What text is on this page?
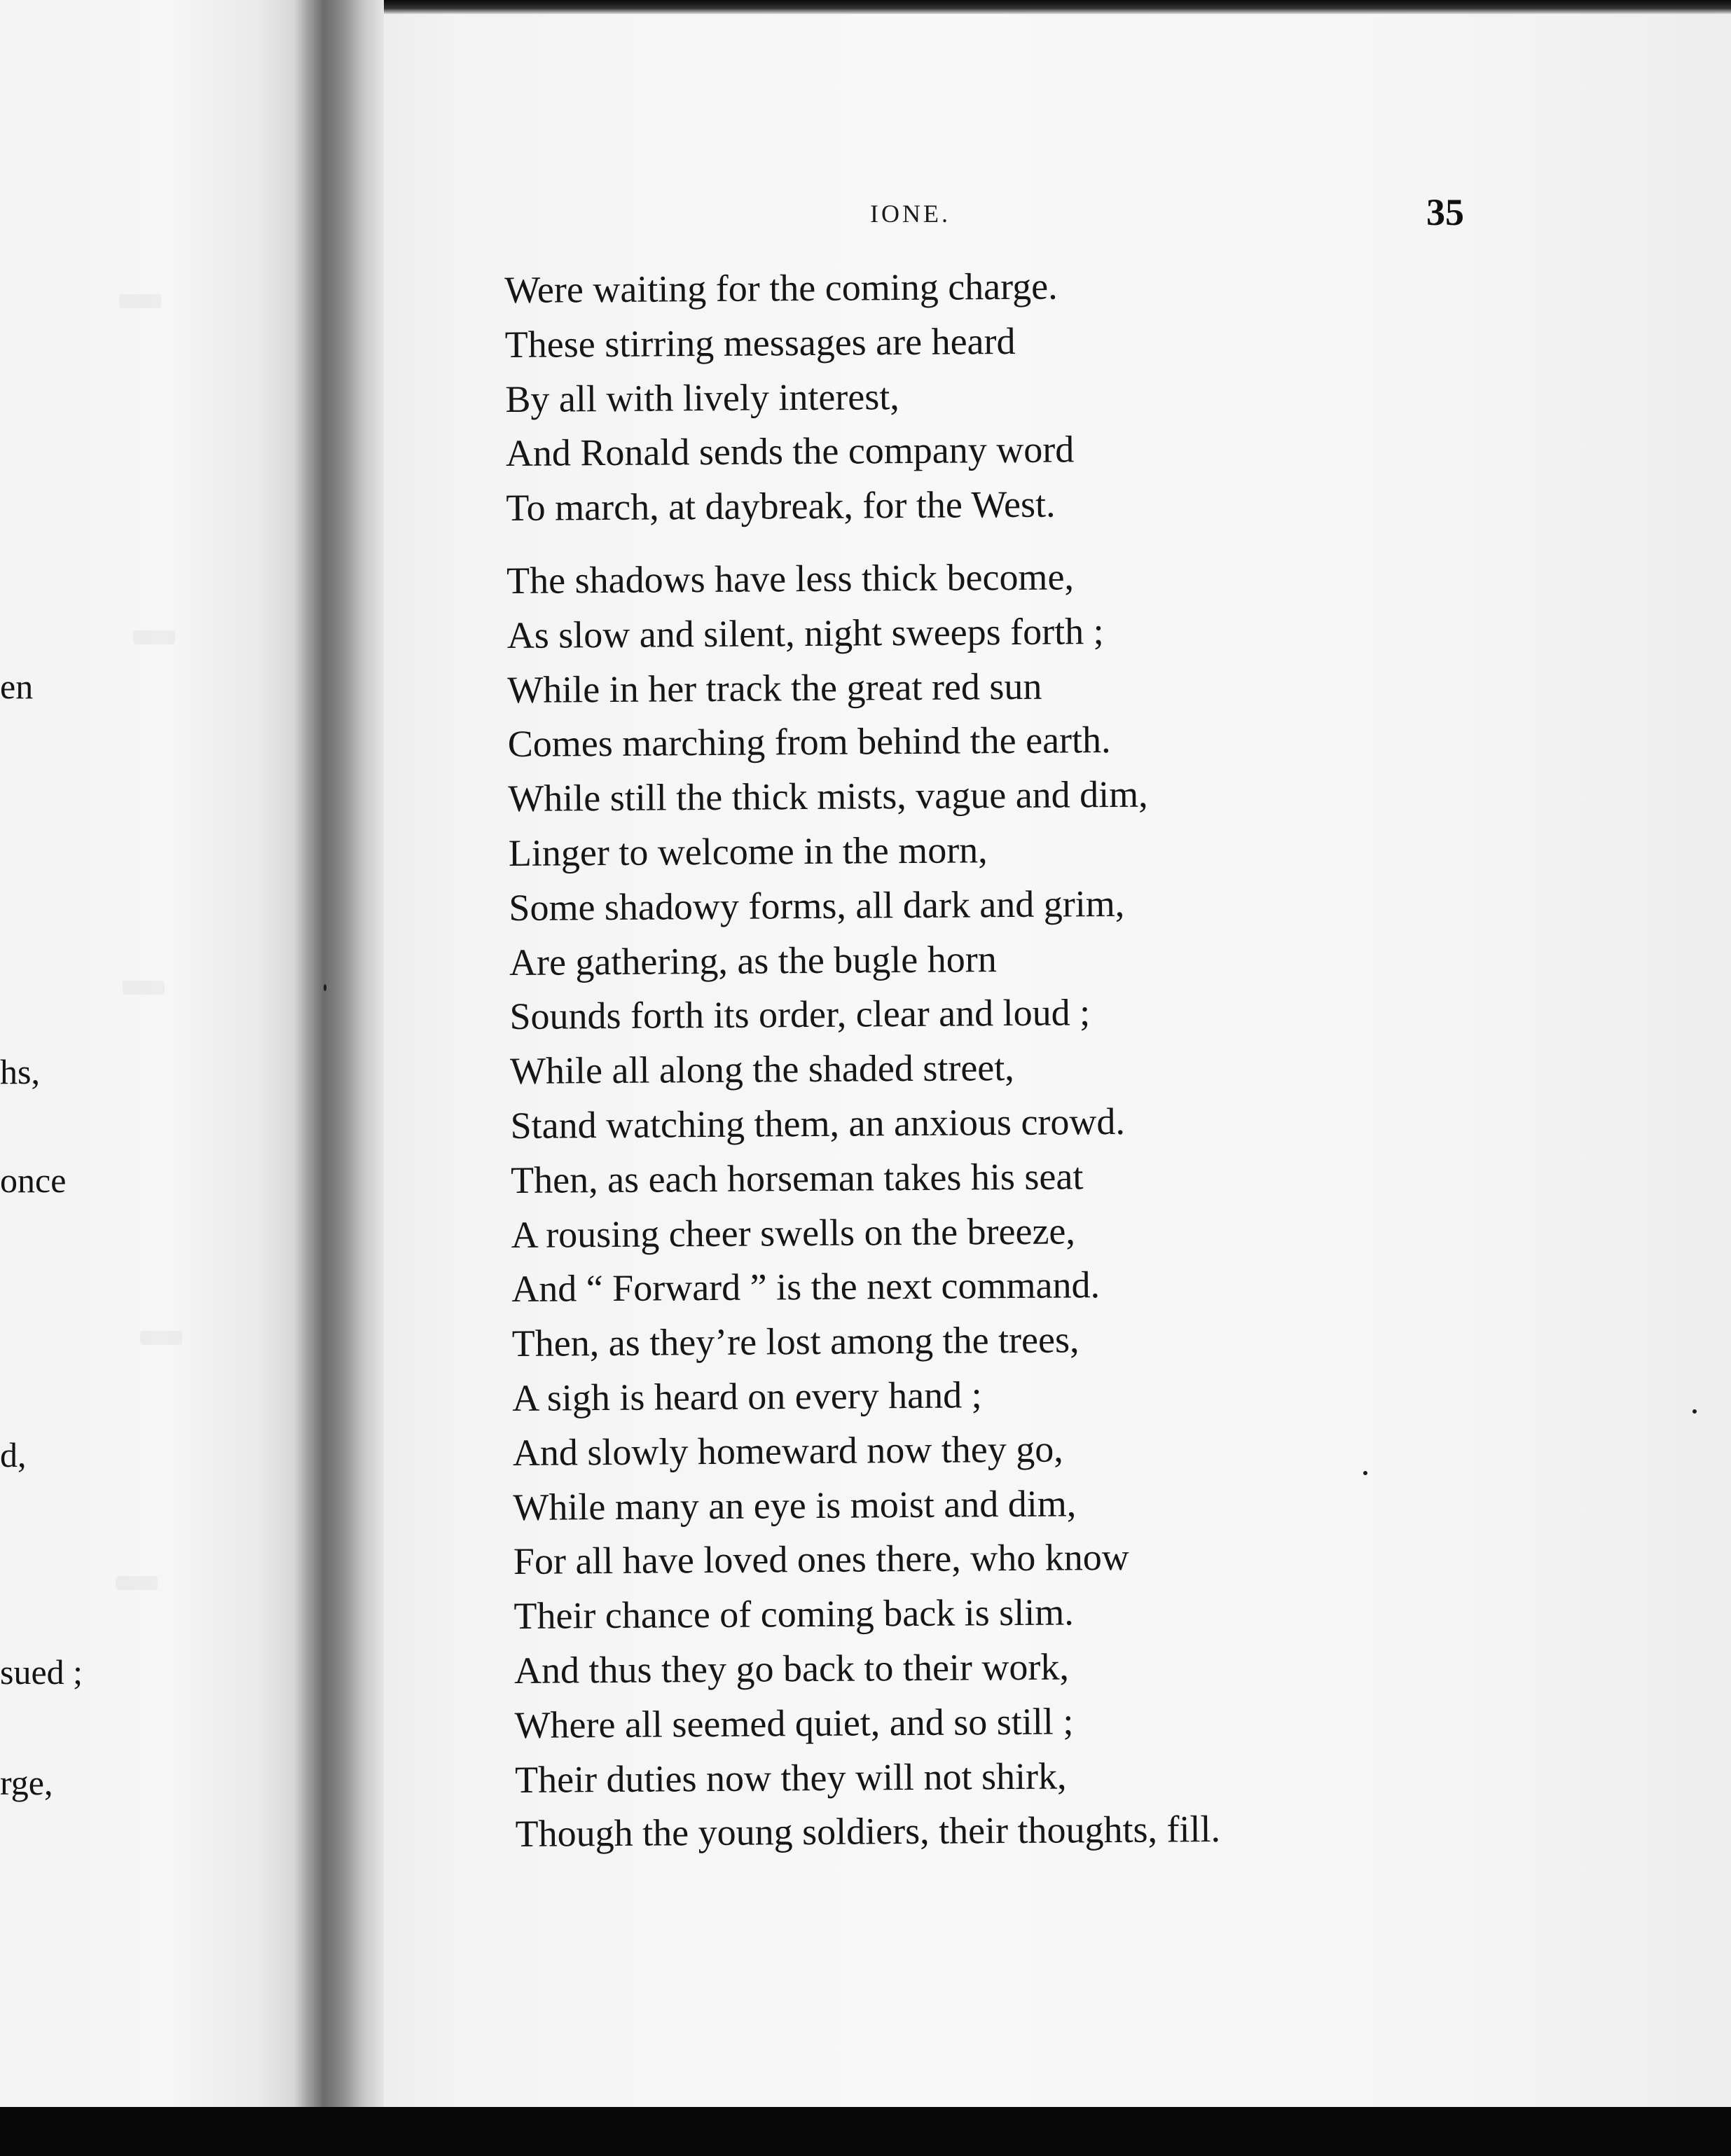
en

hs,

once

d,

sued ;

rge,

IONE.	35

Were waiting for the coming charge.

These stirring messages are heard

By all with lively interest,

And Ronald sends the company word

To march, at daybreak, for the West.

The shadows have less thick become,

As slow and silent, night sweeps forth ;

While in her track the great red sun

Comes marching from behind the earth.

While still the thick mists, vague and dim,

Linger to welcome in the morn,

Some shadowy forms, all dark and grim,

Are gathering, as the bugle horn

Sounds forth its order, clear and loud ;

While all along the shaded street,

Stand watching them, an anxious crowd.

Then, as each horseman takes his seat

A rousing cheer swells on the breeze,

And “ Forward ” is the next command.

Then, as they’re lost among the trees,

A sigh is heard on every hand ;

And slowly homeward now they go,

While many an eye is moist and dim,

For all have loved ones there, who know

Their chance of coming back is slim.

And thus they go back to their work,

Where all seemed quiet, and so still ;

Their duties now they will not shirk,

Though the young soldiers, their thoughts, fill.
